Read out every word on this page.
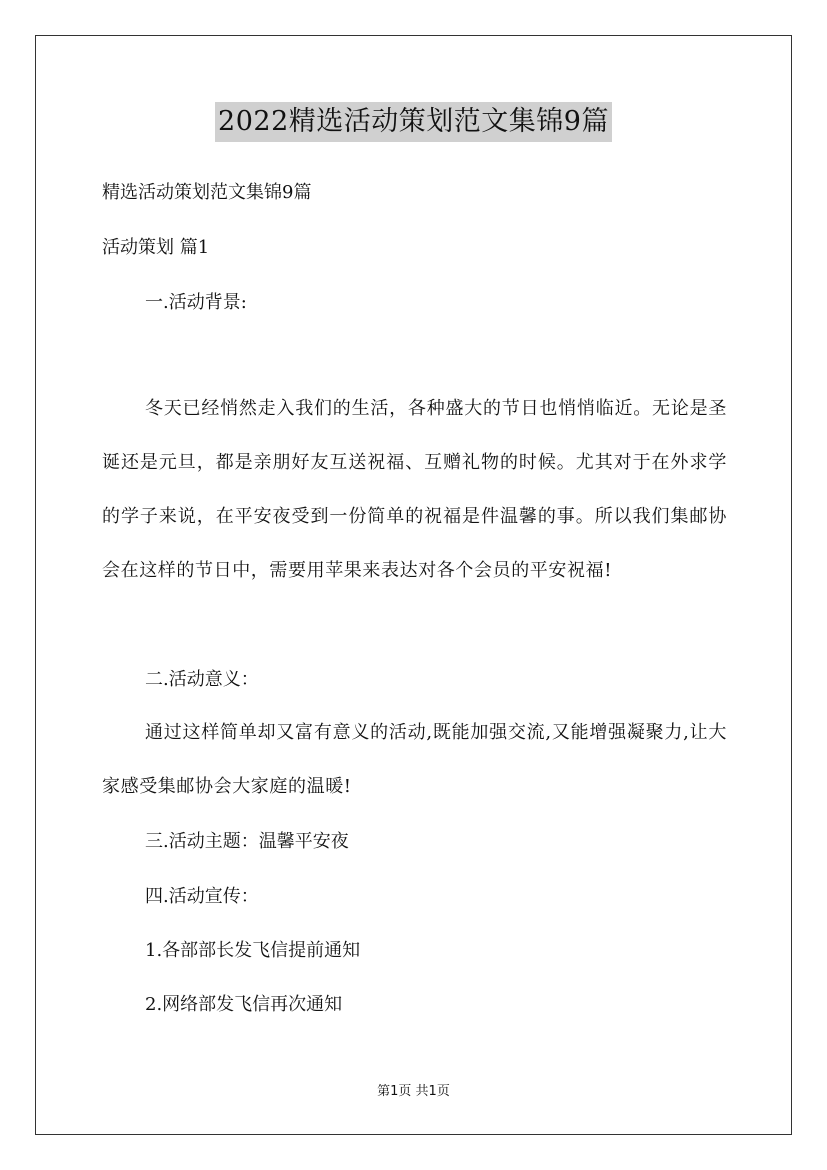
2022精选活动策划范文集锦9篇
精选活动策划范文集锦9篇
活动策划 篇1
一.活动背景:

冬天已经悄然走入我们的生活，各种盛大的节日也悄悄临近。无论是圣诞还是元旦，都是亲朋好友互送祝福、互赠礼物的时候。尤其对于在外求学的学子来说，在平安夜受到一份简单的祝福是件温馨的事。所以我们集邮协会在这样的节日中，需要用苹果来表达对各个会员的平安祝福!

二.活动意义：

通过这样简单却又富有意义的活动,既能加强交流,又能增强凝聚力,让大家感受集邮协会大家庭的温暖!

三.活动主题：温馨平安夜
四.活动宣传：
1.各部部长发飞信提前通知
2.网络部发飞信再次通知
第1页 共1页
